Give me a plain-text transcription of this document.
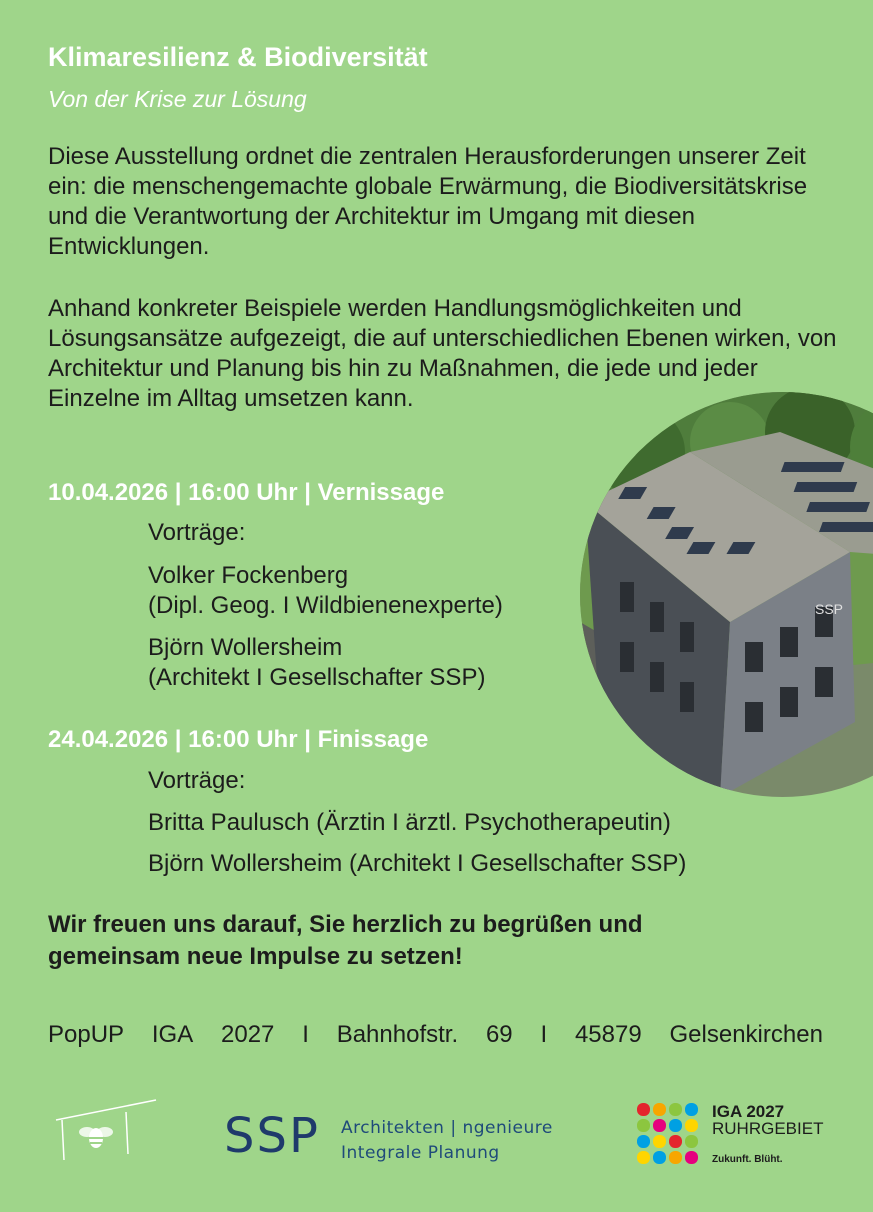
Klimaresilienz & Biodiversität
Von der Krise zur Lösung

Diese Ausstellung ordnet die zentralen Herausforderungen unserer Zeit ein: die menschengemachte globale Erwärmung, die Biodiversitätskrise und die Verantwortung der Architektur im Umgang mit diesen Entwicklungen.

Anhand konkreter Beispiele werden Handlungsmöglichkeiten und Lösungsansätze aufgezeigt, die auf unterschiedlichen Ebenen wirken, von Architektur und Planung bis hin zu Maßnahmen, die jede und jeder Einzelne im Alltag umsetzen kann.

SSP
10.04.2026 | 16:00 Uhr | Vernissage
Vorträge:
Volker Fockenberg
(Dipl. Geog. I Wildbienenexperte)
Björn Wollersheim
(Architekt I Gesellschafter SSP)
24.04.2026 | 16:00 Uhr | Finissage
Vorträge:
Britta Paulusch (Ärztin I ärztl. Psychotherapeutin)
Björn Wollersheim (Architekt I Gesellschafter SSP)
Wir freuen uns darauf, Sie herzlich zu begrüßen und
gemeinsam neue Impulse zu setzen!
PopUP IGA 2027 I Bahnhofstr. 69 I 45879 Gelsenkirchen
SSP Architekten | ngenieure
Integrale Planung
IGA 2027
RUHRGEBIET
Zukunft. Blüht.
